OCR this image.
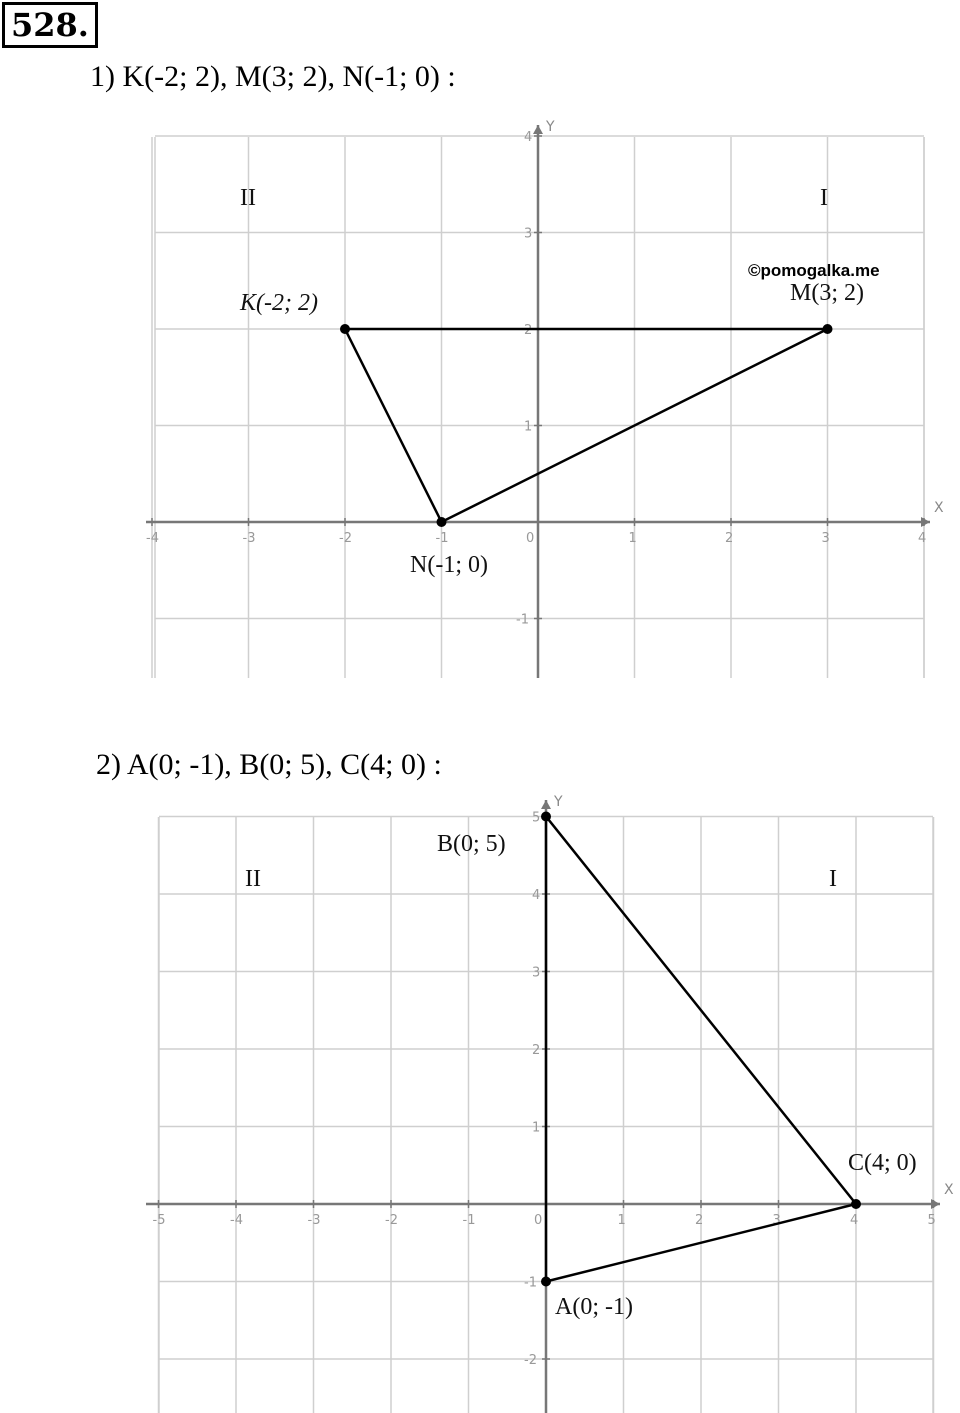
528.
1) K(-2; 2), M(3; 2), N(-1; 0) :
2) A(0; -1), B(0; 5), C(4; 0) :
X
Y
-4	-3	-2	-1	0	1	2	3	4
4
3
2
1
-1
I
II
K(-2; 2)	M(3; 2)
N(-1; 0)
©pomogalka.me
X
Y
-5	-4	-3	-2	-1	0	1	2	3	4	5
5
4
3
2
1
-1
-2
I
II
A(0; -1)
B(0; 5)
C(4; 0)
